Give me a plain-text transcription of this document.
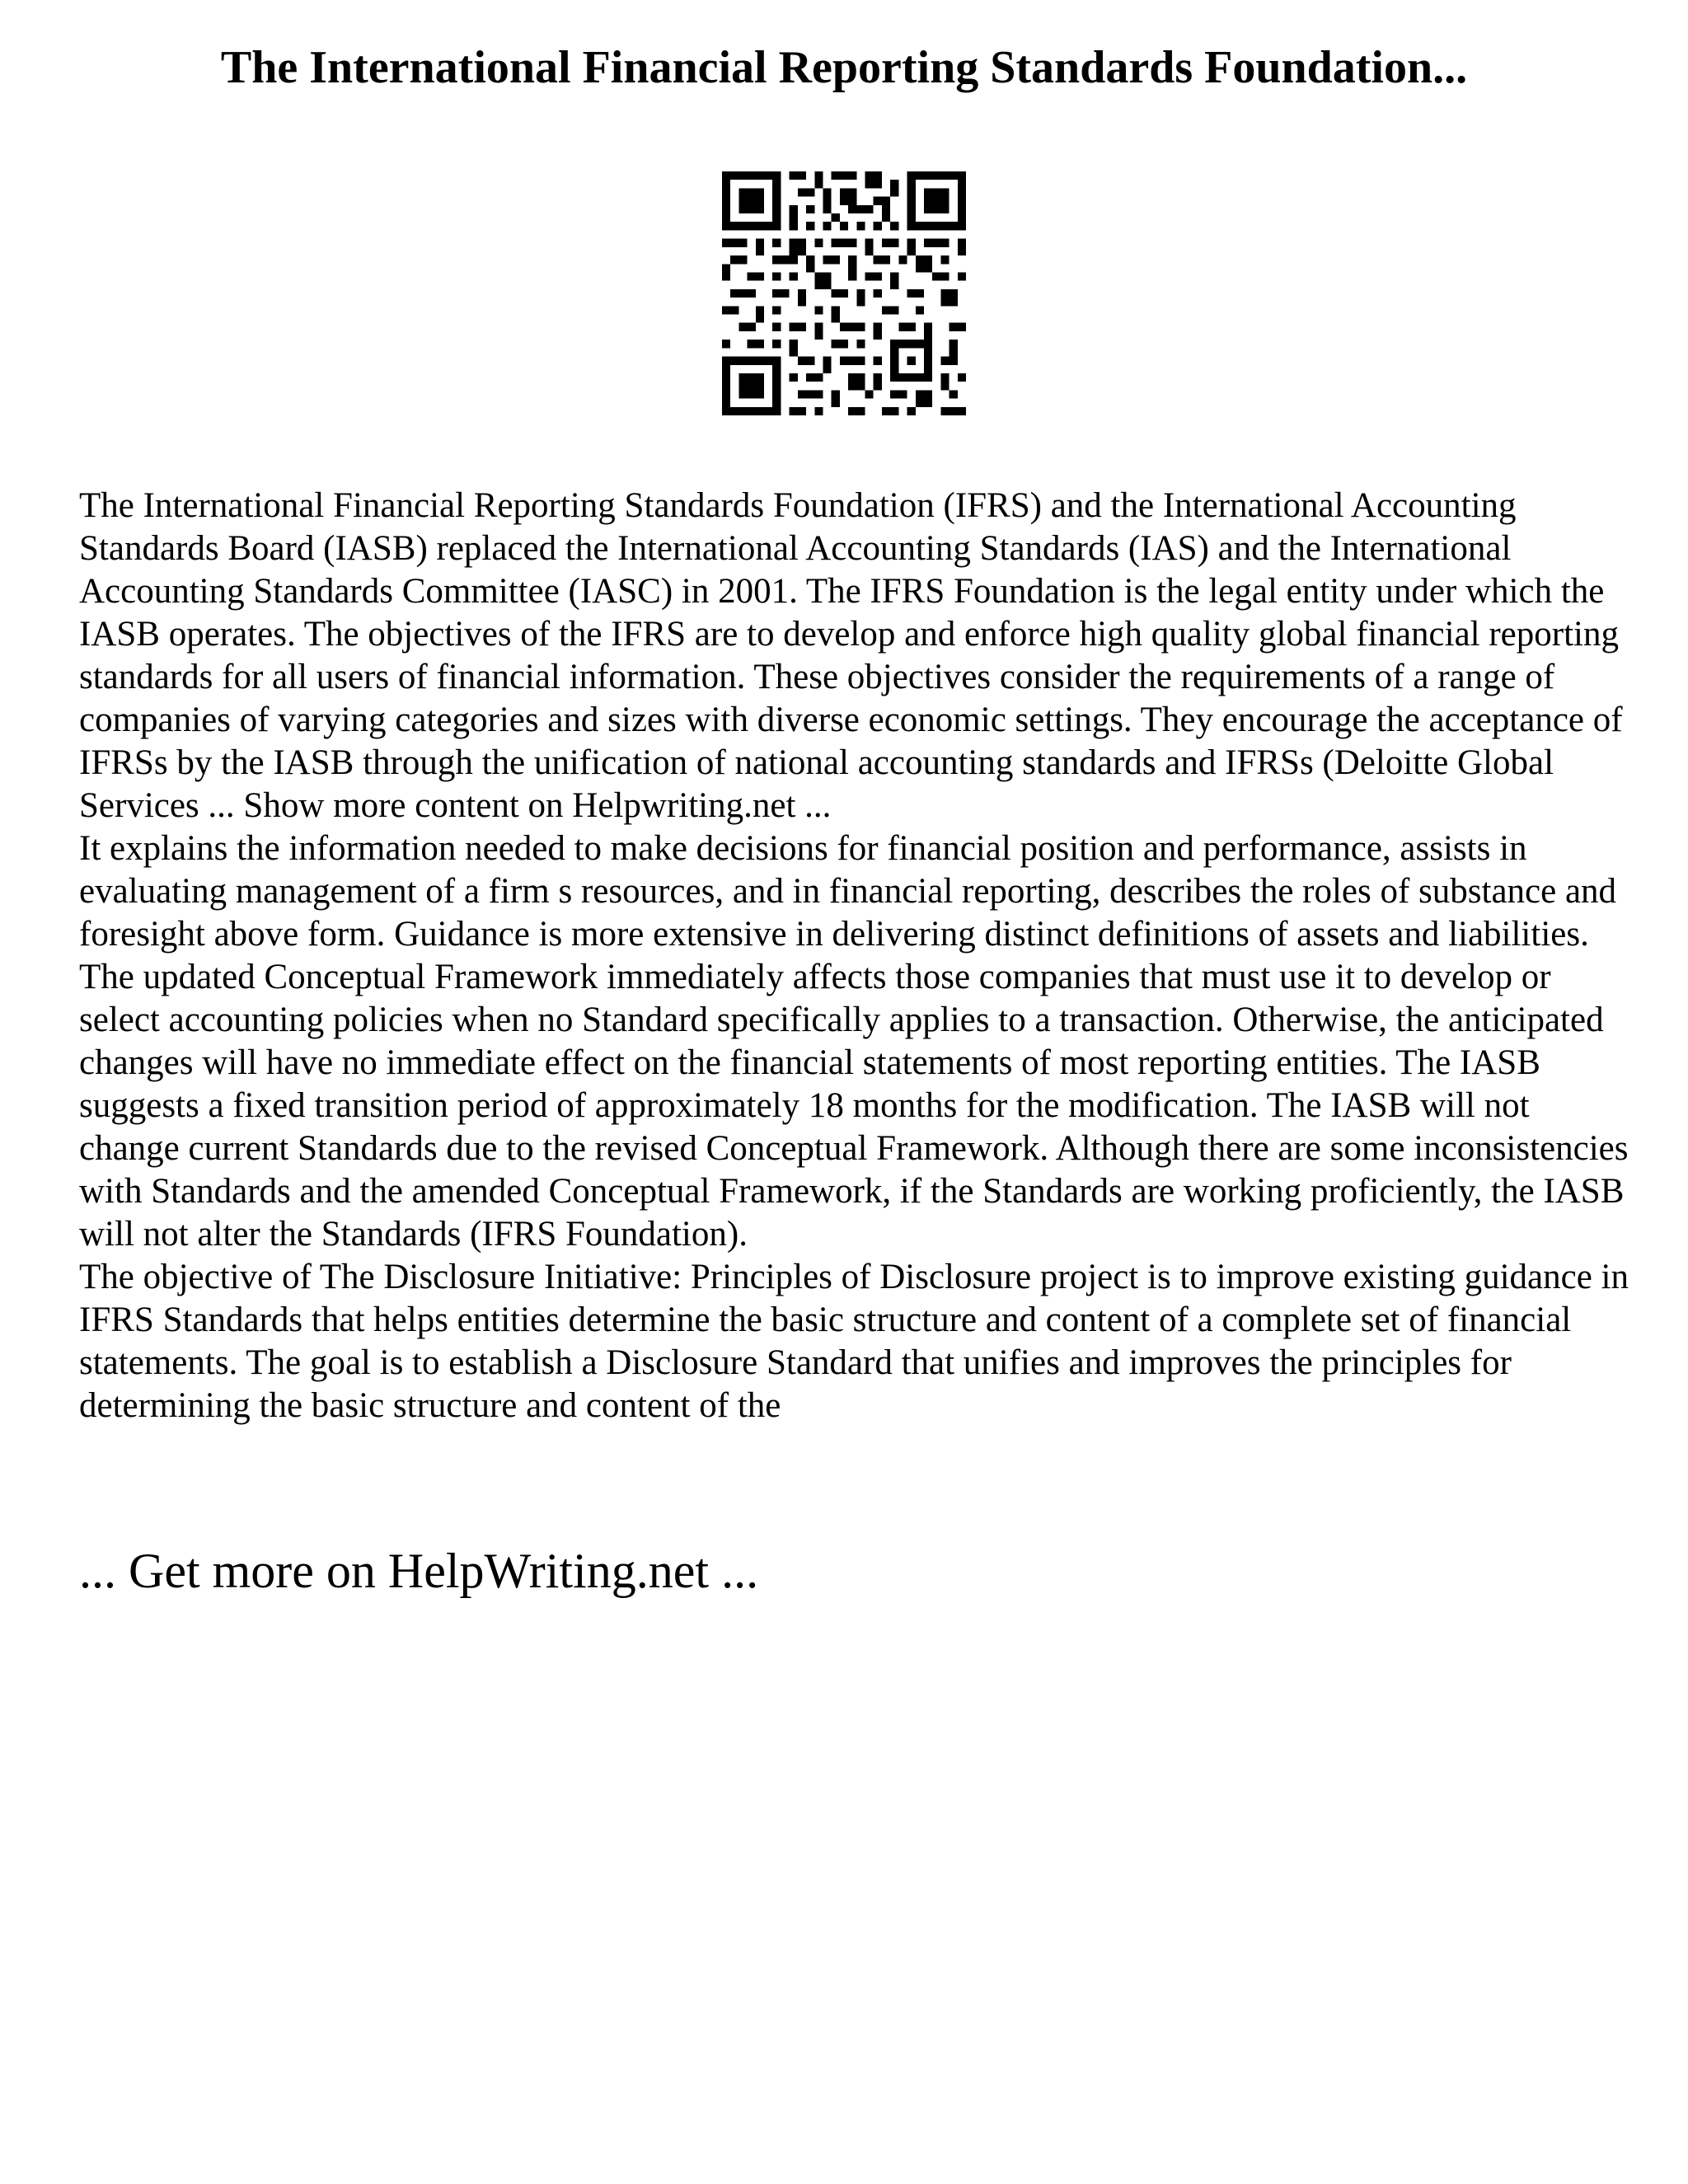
The International Financial Reporting Standards Foundation...

The International Financial Reporting Standards Foundation (IFRS) and the International Accounting Standards Board (IASB) replaced the International Accounting Standards (IAS) and the International Accounting Standards Committee (IASC) in 2001. The IFRS Foundation is the legal entity under which the IASB operates. The objectives of the IFRS are to develop and enforce high quality global financial reporting standards for all users of financial information. These objectives consider the requirements of a range of companies of varying categories and sizes with diverse economic settings. They encourage the acceptance of IFRSs by the IASB through the unification of national accounting standards and IFRSs (Deloitte Global Services ... Show more content on Helpwriting.net ...

It explains the information needed to make decisions for financial position and performance, assists in evaluating management of a firm s resources, and in financial reporting, describes the roles of substance and foresight above form. Guidance is more extensive in delivering distinct definitions of assets and liabilities. The updated Conceptual Framework immediately affects those companies that must use it to develop or select accounting policies when no Standard specifically applies to a transaction. Otherwise, the anticipated changes will have no immediate effect on the financial statements of most reporting entities. The IASB suggests a fixed transition period of approximately 18 months for the modification. The IASB will not change current Standards due to the revised Conceptual Framework. Although there are some inconsistencies with Standards and the amended Conceptual Framework, if the Standards are working proficiently, the IASB will not alter the Standards (IFRS Foundation).

The objective of The Disclosure Initiative: Principles of Disclosure project is to improve existing guidance in IFRS Standards that helps entities determine the basic structure and content of a complete set of financial statements. The goal is to establish a Disclosure Standard that unifies and improves the principles for determining the basic structure and content of the

... Get more on HelpWriting.net ...
